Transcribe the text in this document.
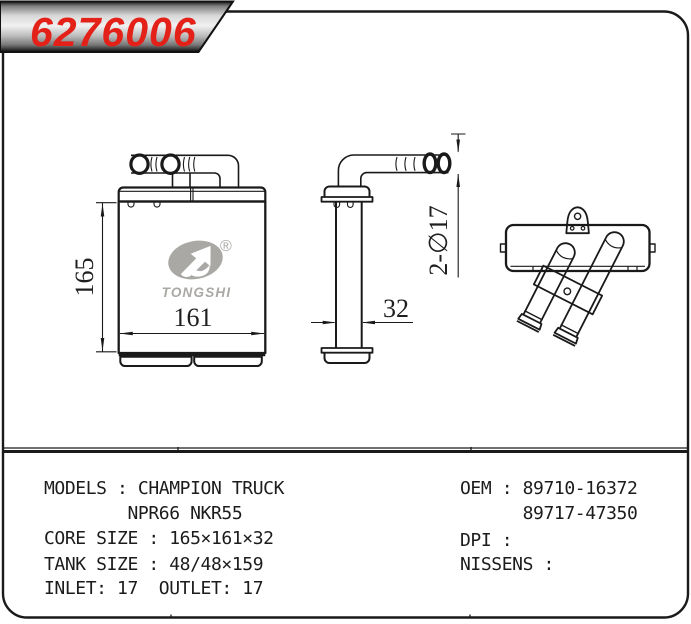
6276006
165
161
®
TONGSHI
32
2-∅17
MODELS : CHAMPION TRUCK
NPR66 NKR55
CORE SIZE : 165×161×32
TANK SIZE : 48/48×159
INLET: 17  OUTLET: 17
OEM : 89710-16372
89717-47350
DPI :
NISSENS :
